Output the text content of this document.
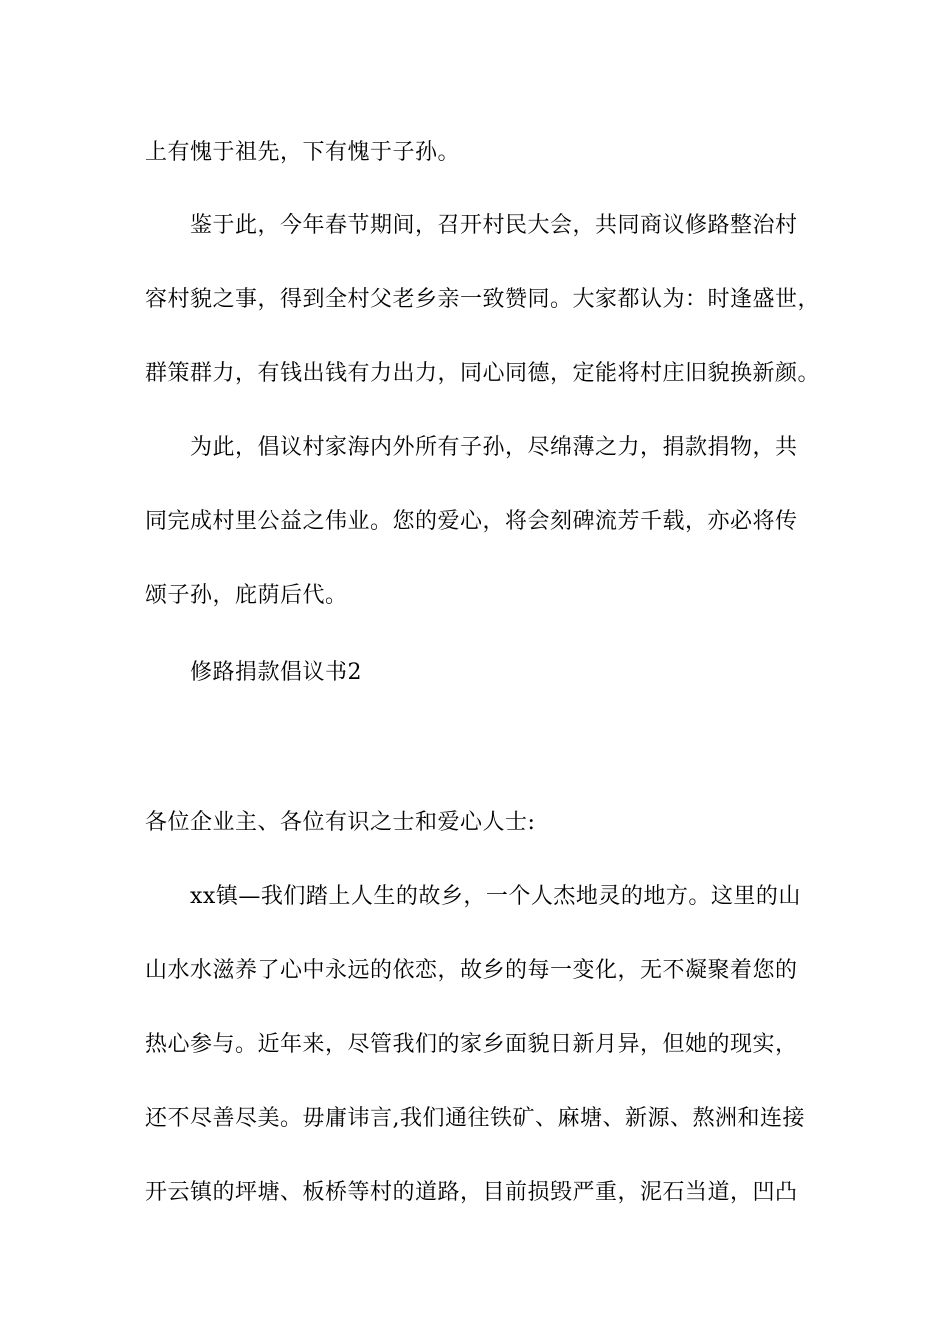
上有愧于祖先，下有愧于子孙。
鉴于此，今年春节期间，召开村民大会，共同商议修路整治村
容村貌之事，得到全村父老乡亲一致赞同。大家都认为：时逢盛世，
群策群力，有钱出钱有力出力，同心同德，定能将村庄旧貌换新颜。
为此，倡议村家海内外所有子孙，尽绵薄之力，捐款捐物，共
同完成村里公益之伟业。您的爱心，将会刻碑流芳千载，亦必将传
颂子孙，庇荫后代。
修路捐款倡议书2
各位企业主、各位有识之士和爱心人士:
xx镇—我们踏上人生的故乡，一个人杰地灵的地方。这里的山
山水水滋养了心中永远的依恋，故乡的每一变化，无不凝聚着您的
热心参与。近年来，尽管我们的家乡面貌日新月异，但她的现实，
还不尽善尽美。毋庸讳言,我们通往铁矿、麻塘、新源、熬洲和连接
开云镇的坪塘、板桥等村的道路，目前损毁严重，泥石当道，凹凸
